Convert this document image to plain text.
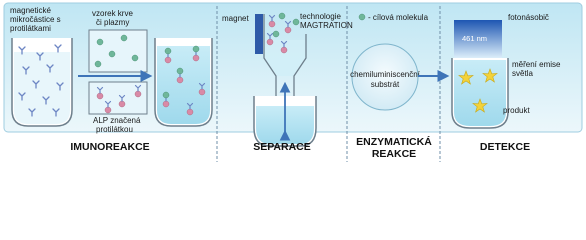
magnetické
mikročástice s
protilátkami
vzorek krve
či plazmy
ALP značená
protilátkou
magnet	technologie
MAGTRATION
- cílová molekula
chemiluminiscenční
substrát
461 nm
fotonásobič
měření emise
světla
produkt
IMUNOREAKCE	SEPARACE	ENZYMATICKÁ
REAKCE
DETEKCE
